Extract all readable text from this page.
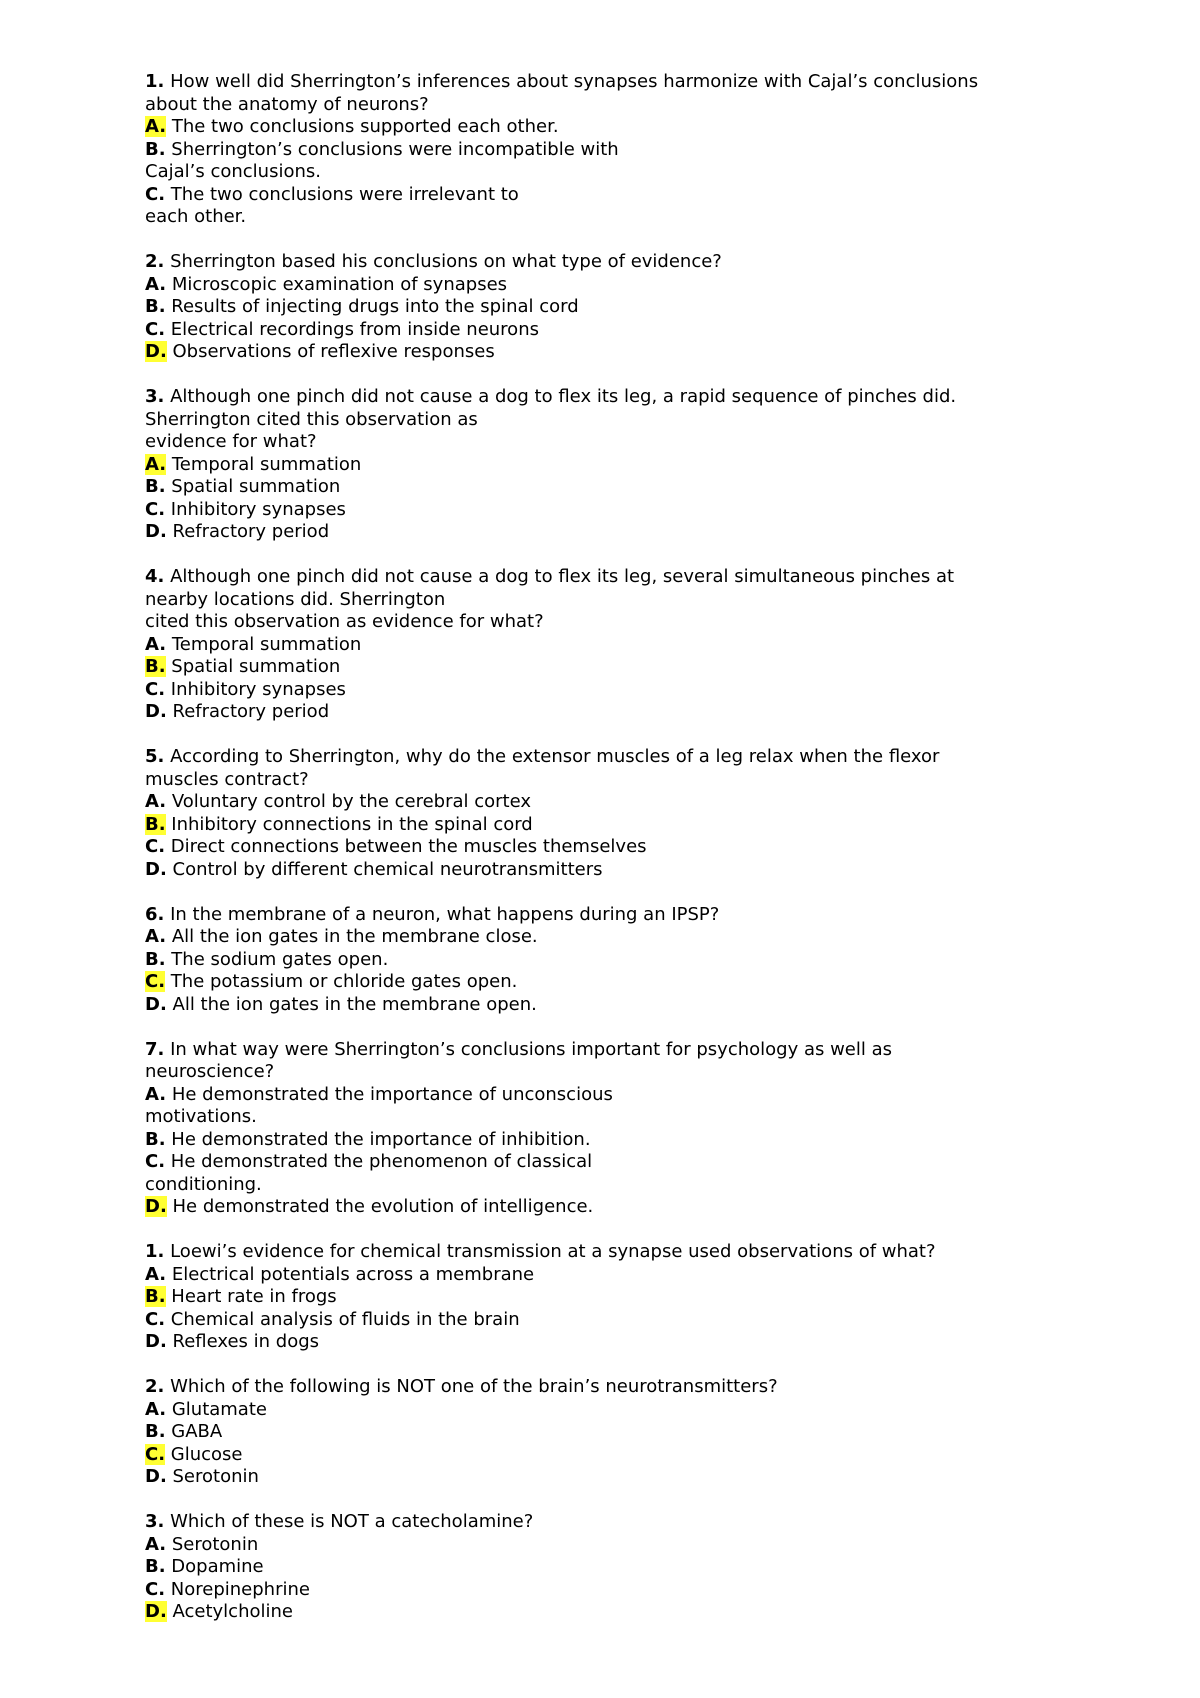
1. How well did Sherrington’s inferences about synapses harmonize with Cajal’s conclusions
about the anatomy of neurons?
A. The two conclusions supported each other.
B. Sherrington’s conclusions were incompatible with
Cajal’s conclusions.
C. The two conclusions were irrelevant to
each other.
2. Sherrington based his conclusions on what type of evidence?
A. Microscopic examination of synapses
B. Results of injecting drugs into the spinal cord
C. Electrical recordings from inside neurons
D. Observations of reflexive responses
3. Although one pinch did not cause a dog to flex its leg, a rapid sequence of pinches did.
Sherrington cited this observation as
evidence for what?
A. Temporal summation
B. Spatial summation
C. Inhibitory synapses
D. Refractory period
4. Although one pinch did not cause a dog to flex its leg, several simultaneous pinches at
nearby locations did. Sherrington
cited this observation as evidence for what?
A. Temporal summation
B. Spatial summation
C. Inhibitory synapses
D. Refractory period
5. According to Sherrington, why do the extensor muscles of a leg relax when the flexor
muscles contract?
A. Voluntary control by the cerebral cortex
B. Inhibitory connections in the spinal cord
C. Direct connections between the muscles themselves
D. Control by different chemical neurotransmitters
6. In the membrane of a neuron, what happens during an IPSP?
A. All the ion gates in the membrane close.
B. The sodium gates open.
C. The potassium or chloride gates open.
D. All the ion gates in the membrane open.
7. In what way were Sherrington’s conclusions important for psychology as well as
neuroscience?
A. He demonstrated the importance of unconscious
motivations.
B. He demonstrated the importance of inhibition.
C. He demonstrated the phenomenon of classical
conditioning.
D. He demonstrated the evolution of intelligence.
1. Loewi’s evidence for chemical transmission at a synapse used observations of what?
A. Electrical potentials across a membrane
B. Heart rate in frogs
C. Chemical analysis of fluids in the brain
D. Reflexes in dogs
2. Which of the following is NOT one of the brain’s neurotransmitters?
A. Glutamate
B. GABA
C. Glucose
D. Serotonin
3. Which of these is NOT a catecholamine?
A. Serotonin
B. Dopamine
C. Norepinephrine
D. Acetylcholine
